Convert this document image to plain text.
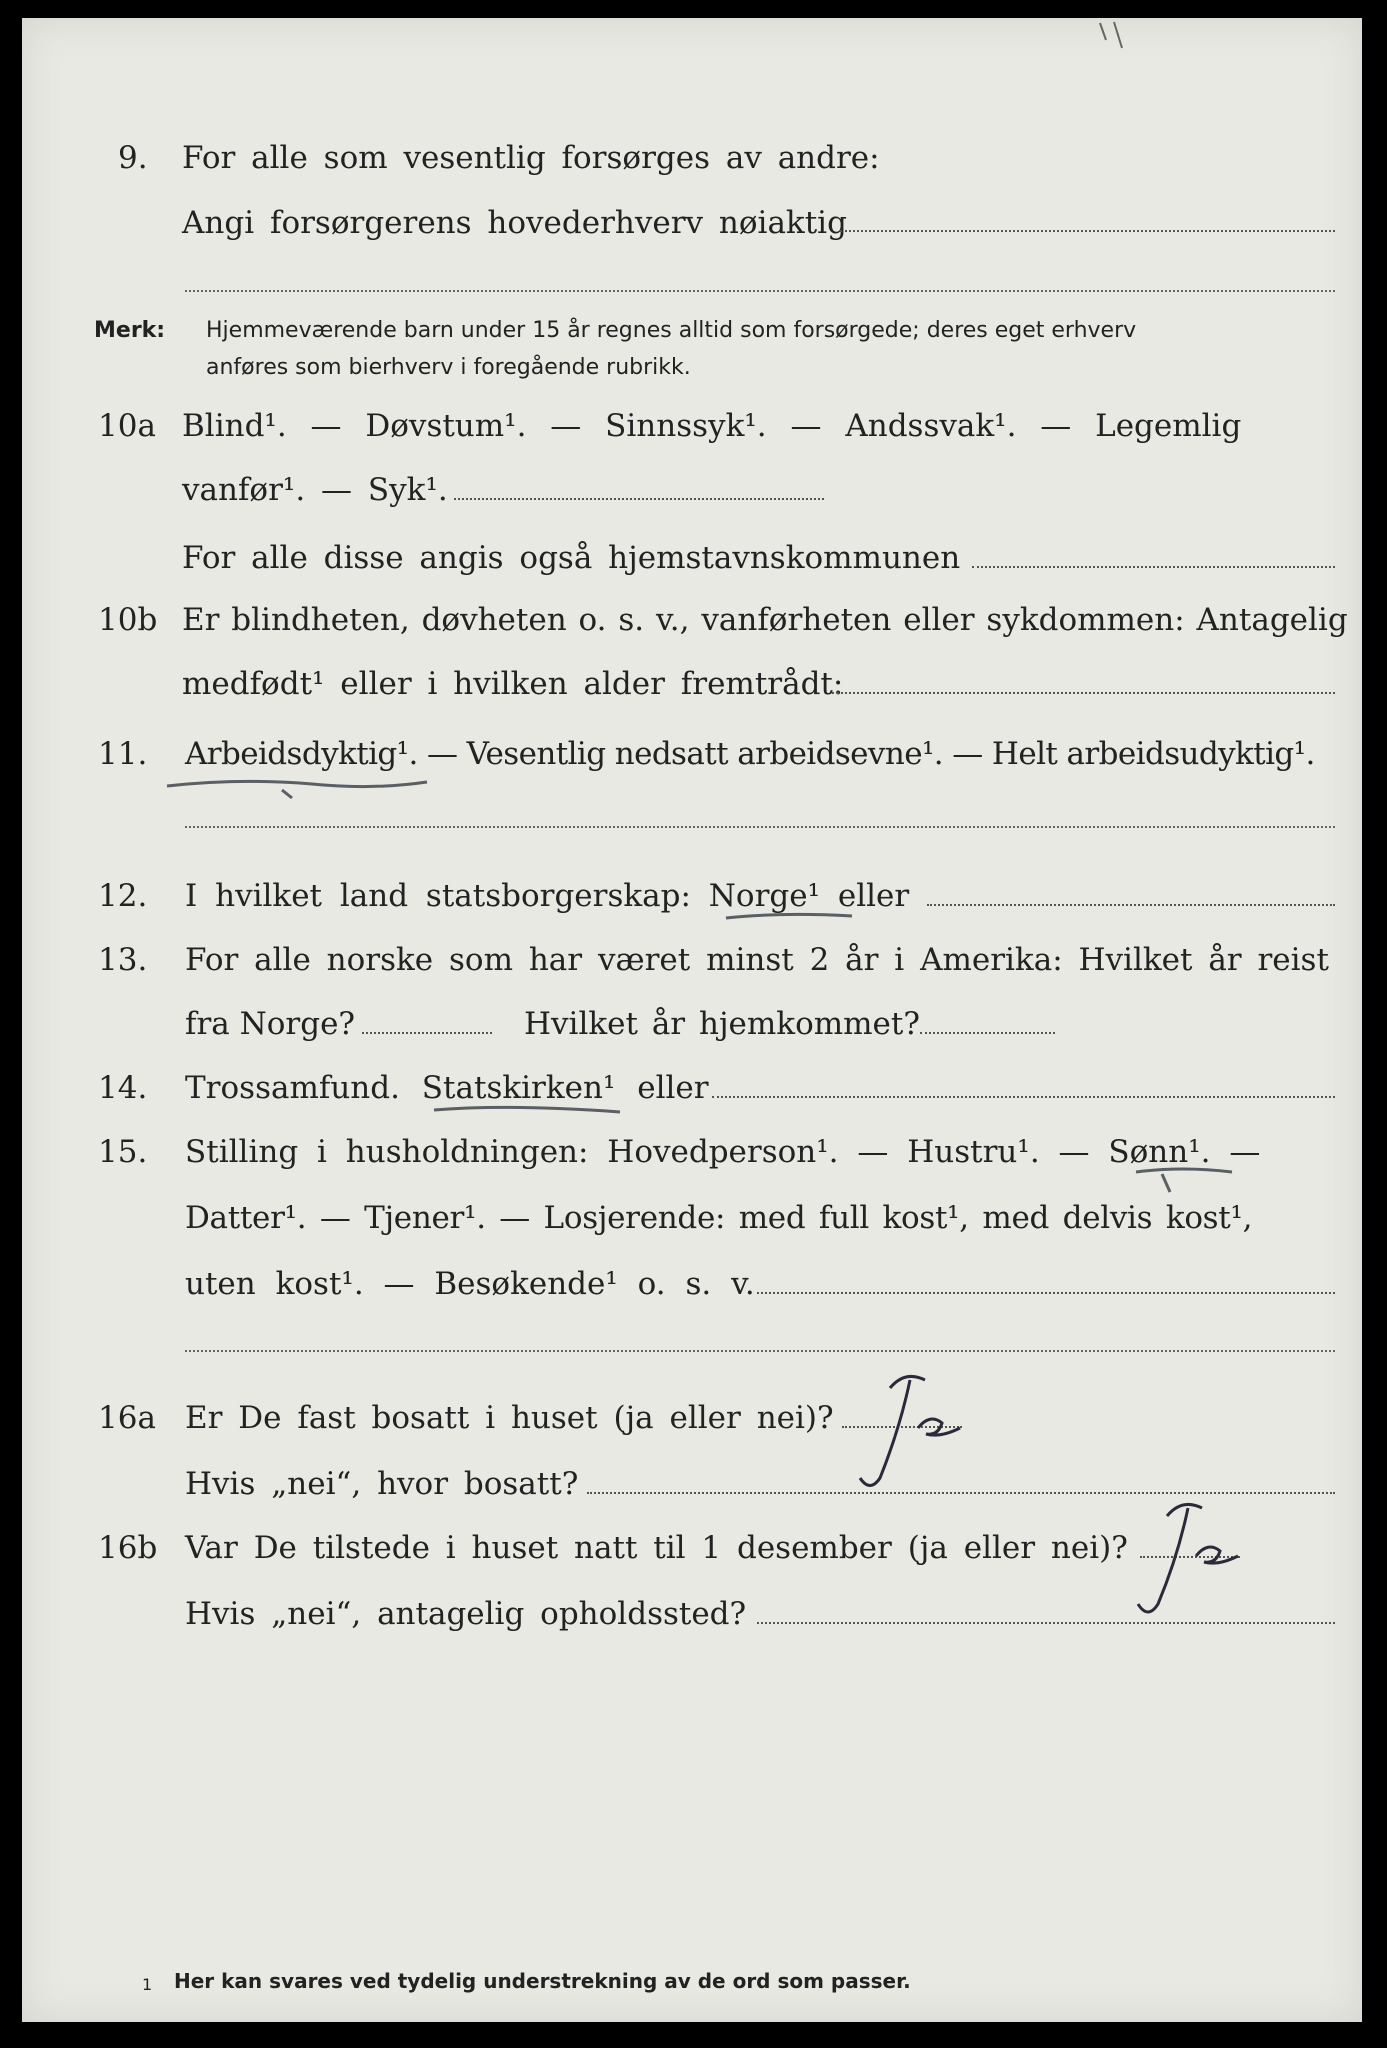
9. For alle som vesentlig forsørges av andre:
Angi forsørgerens hovederhverv nøiaktig
Merk: Hjemmeværende barn under 15 år regnes alltid som forsørgede; deres eget erhverv
anføres som bierhverv i foregående rubrikk.
10a Blind¹. — Døvstum¹. — Sinnssyk¹. — Andssvak¹. — Legemlig
vanfør¹. — Syk¹.
For alle disse angis også hjemstavnskommunen
10b Er blindheten, døvheten o. s. v., vanførheten eller sykdommen: Antagelig
medfødt¹ eller i hvilken alder fremtrådt:
11. Arbeidsdyktig¹. — Vesentlig nedsatt arbeidsevne¹. — Helt arbeidsudyktig¹.
12. I hvilket land statsborgerskap: Norge¹ eller
13. For alle norske som har været minst 2 år i Amerika: Hvilket år reist
fra Norge?	Hvilket år hjemkommet?
14. Trossamfund. Statskirken¹ eller
15. Stilling i husholdningen: Hovedperson¹. — Hustru¹. — Sønn¹. —
Datter¹. — Tjener¹. — Losjerende: med full kost¹, med delvis kost¹,
uten kost¹. — Besøkende¹ o. s. v.
16a Er De fast bosatt i huset (ja eller nei)?
Hvis „nei“, hvor bosatt?
16b Var De tilstede i huset natt til 1 desember (ja eller nei)?
Hvis „nei“, antagelig opholdssted?
1 Her kan svares ved tydelig understrekning av de ord som passer.
